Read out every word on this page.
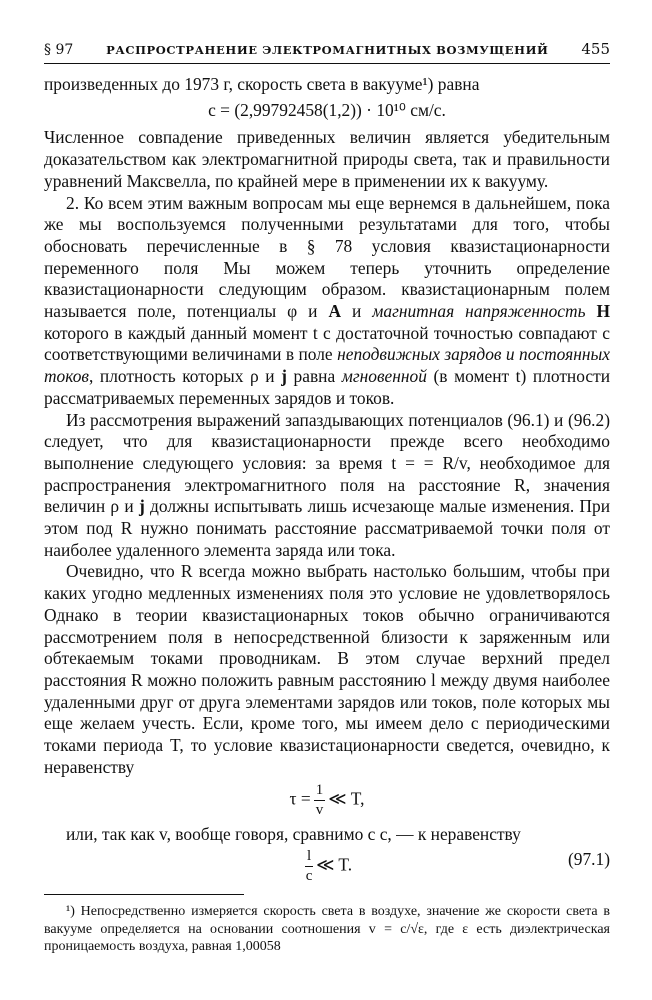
§ 97	РАСПРОСТРАНЕНИЕ ЭЛЕКТРОМАГНИТНЫХ ВОЗМУЩЕНИЙ 455

произведенных до 1973 г, скорость света в вакууме¹) равна

c = (2,99792458(1,2)) · 10¹⁰ см/с.

Численное совпадение приведенных величин является убедительным доказательством как электромагнитной природы света, так и правильности уравнений Максвелла, по крайней мере в применении их к вакууму.

2. Ко всем этим важным вопросам мы еще вернемся в дальнейшем, пока же мы воспользуемся полученными результатами для того, чтобы обосновать перечисленные в § 78 условия квазистационарности переменного поля Мы можем теперь уточнить определение квазистационарности следующим образом. квазистационарным полем называется поле, потенциалы φ и A и магнитная напряженность H которого в каждый данный момент t с достаточной точностью совпадают с соответствующими величинами в поле неподвижных зарядов и постоянных токов, плотность которых ρ и j равна мгновенной (в момент t) плотности рассматриваемых переменных зарядов и токов.

Из рассмотрения выражений запаздывающих потенциалов (96.1) и (96.2) следует, что для квазистационарности прежде всего необходимо выполнение следующего условия: за время t = = R/v, необходимое для распространения электромагнитного поля на расстояние R, значения величин ρ и j должны испытывать лишь исчезающе малые изменения. При этом под R нужно понимать расстояние рассматриваемой точки поля от наиболее удаленного элемента заряда или тока.

Очевидно, что R всегда можно выбрать настолько большим, чтобы при каких угодно медленных изменениях поля это условие не удовлетворялось Однако в теории квазистационарных токов обычно ограничиваются рассмотрением поля в непосредственной близости к заряженным или обтекаемым токами проводникам. В этом случае верхний предел расстояния R можно положить равным расстоянию l между двумя наиболее удаленными друг от друга элементами зарядов или токов, поле которых мы еще желаем учесть. Если, кроме того, мы имеем дело с периодическими токами периода T, то условие квазистационарности сведется, очевидно, к неравенству

$\tau = \frac{1}{v}$ ≪ T,

или, так как v, вообще говоря, сравнимо с c, — к неравенству

$\frac{l}{c}$ ≪ T.	(97.1)

¹) Непосредственно измеряется скорость света в воздухе, значение же скорости света в вакууме определяется на основании соотношения v = c/√ε, где ε есть диэлектрическая проницаемость воздуха, равная 1,00058
